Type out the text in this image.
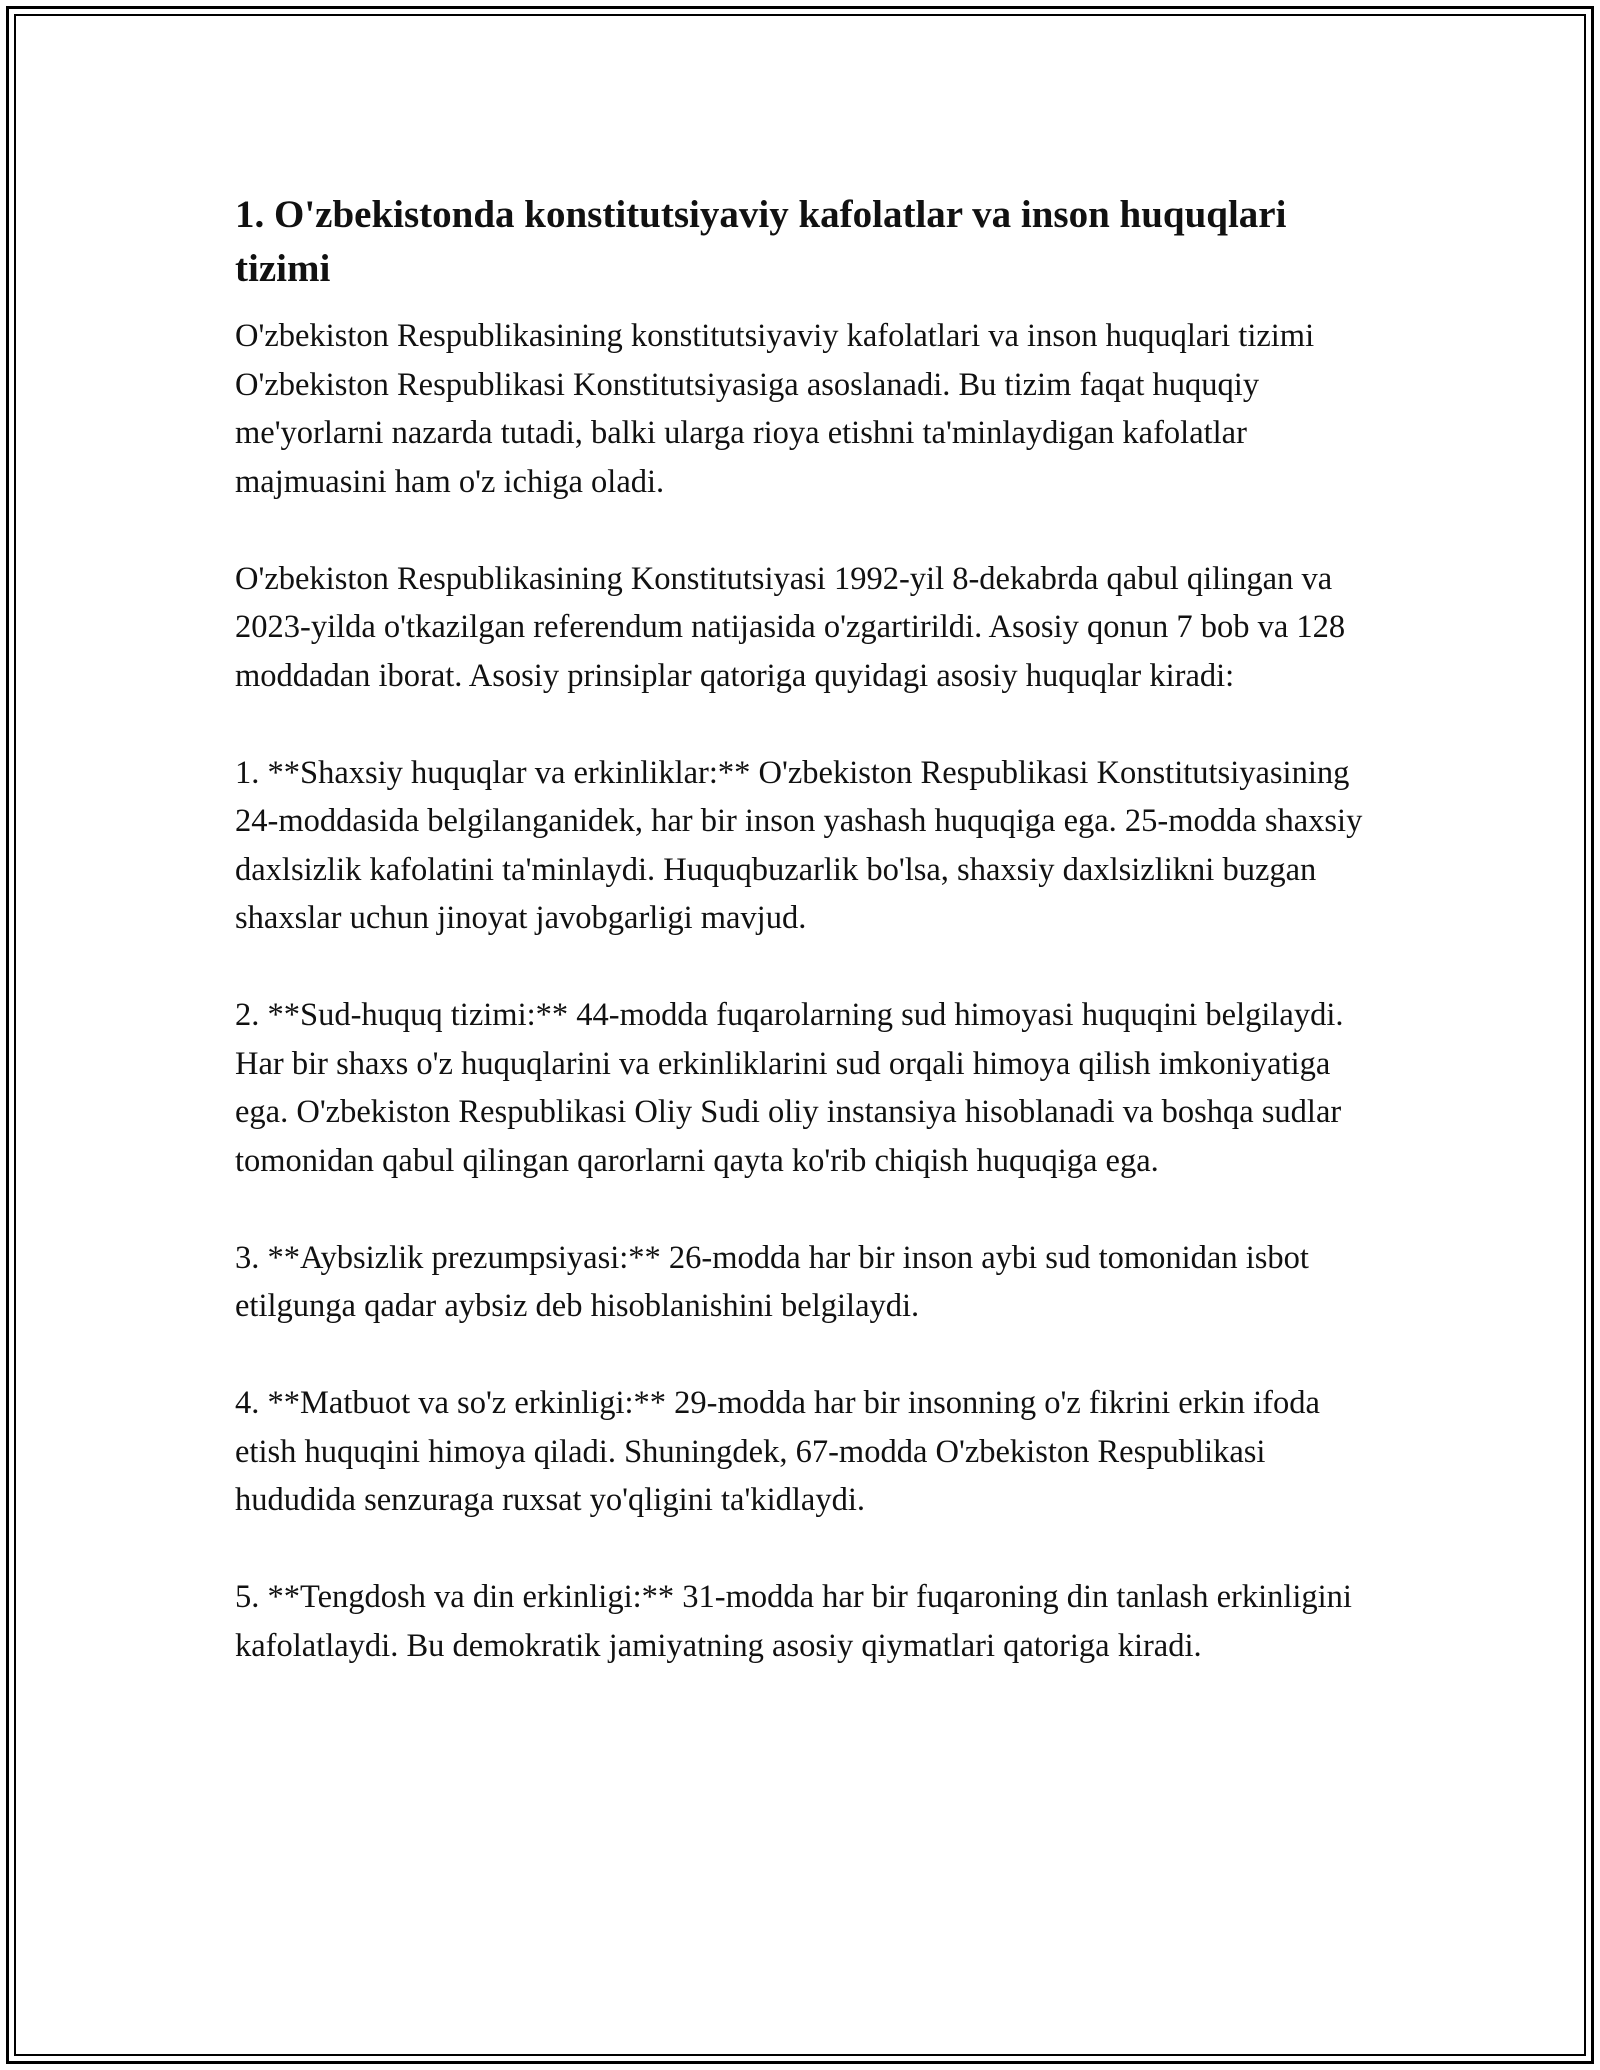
1. O'zbekistonda konstitutsiyaviy kafolatlar va inson huquqlari tizimi

O'zbekiston Respublikasining konstitutsiyaviy kafolatlari va inson huquqlari tizimi O'zbekiston Respublikasi Konstitutsiyasiga asoslanadi. Bu tizim faqat huquqiy me'yorlarni nazarda tutadi, balki ularga rioya etishni ta'minlaydigan kafolatlar majmuasini ham o'z ichiga oladi.

O'zbekiston Respublikasining Konstitutsiyasi 1992-yil 8-dekabrda qabul qilingan va 2023-yilda o'tkazilgan referendum natijasida o'zgartirildi. Asosiy qonun 7 bob va 128 moddadan iborat. Asosiy prinsiplar qatoriga quyidagi asosiy huquqlar kiradi:

1. **Shaxsiy huquqlar va erkinliklar:** O'zbekiston Respublikasi Konstitutsiyasining 24-moddasida belgilanganidek, har bir inson yashash huquqiga ega. 25-modda shaxsiy daxlsizlik kafolatini ta'minlaydi. Huquqbuzarlik bo'lsa, shaxsiy daxlsizlikni buzgan shaxslar uchun jinoyat javobgarligi mavjud.

2. **Sud-huquq tizimi:** 44-modda fuqarolarning sud himoyasi huquqini belgilaydi. Har bir shaxs o'z huquqlarini va erkinliklarini sud orqali himoya qilish imkoniyatiga ega. O'zbekiston Respublikasi Oliy Sudi oliy instansiya hisoblanadi va boshqa sudlar tomonidan qabul qilingan qarorlarni qayta ko'rib chiqish huquqiga ega.

3. **Aybsizlik prezumpsiyasi:** 26-modda har bir inson aybi sud tomonidan isbot etilgunga qadar aybsiz deb hisoblanishini belgilaydi.

4. **Matbuot va so'z erkinligi:** 29-modda har bir insonning o'z fikrini erkin ifoda etish huquqini himoya qiladi. Shuningdek, 67-modda O'zbekiston Respublikasi hududida senzuraga ruxsat yo'qligini ta'kidlaydi.

5. **Tengdosh va din erkinligi:** 31-modda har bir fuqaroning din tanlash erkinligini kafolatlaydi. Bu demokratik jamiyatning asosiy qiymatlari qatoriga kiradi.
